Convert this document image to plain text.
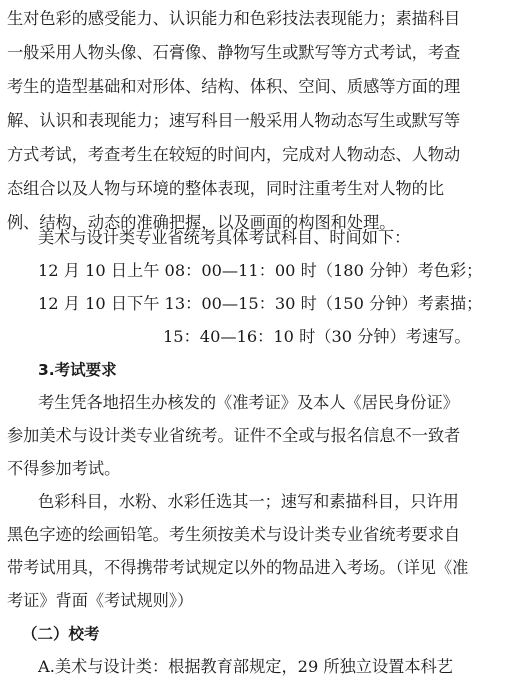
生对色彩的感受能力、认识能力和色彩技法表现能力；素描科目
一般采用人物头像、石膏像、静物写生或默写等方式考试，考查
考生的造型基础和对形体、结构、体积、空间、质感等方面的理
解、认识和表现能力；速写科目一般采用人物动态写生或默写等
方式考试，考查考生在较短的时间内，完成对人物动态、人物动
态组合以及人物与环境的整体表现，同时注重考生对人物的比
例、结构、动态的准确把握，以及画面的构图和处理。
美术与设计类专业省统考具体考试科目、时间如下：
12 月 10 日上午 08：00—11：00 时（180 分钟）考色彩；
12 月 10 日下午 13：00—15：30 时（150 分钟）考素描；
15：40—16：10 时（30 分钟）考速写。
3.考试要求
考生凭各地招生办核发的《准考证》及本人《居民身份证》
参加美术与设计类专业省统考。证件不全或与报名信息不一致者
不得参加考试。
色彩科目，水粉、水彩任选其一；速写和素描科目，只许用
黑色字迹的绘画铅笔。考生须按美术与设计类专业省统考要求自
带考试用具，不得携带考试规定以外的物品进入考场。（详见《准
考证》背面《考试规则》）
（二）校考
A.美术与设计类：根据教育部规定，29 所独立设置本科艺
